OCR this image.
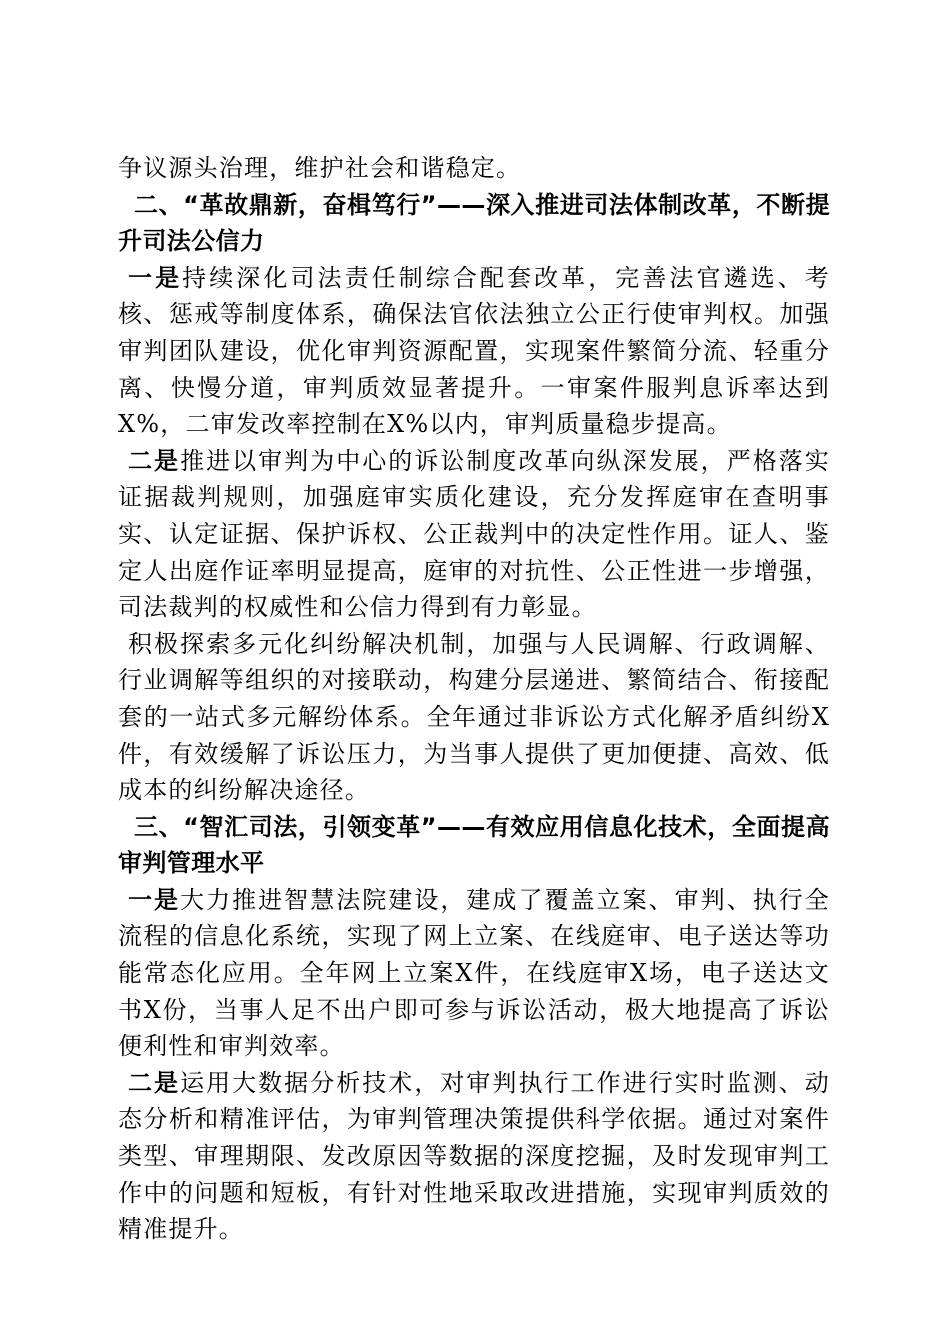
争议源头治理，维护社会和谐稳定。

二、“革故鼎新，奋楫笃行”——深入推进司法体制改革，不断提升司法公信力

一是持续深化司法责任制综合配套改革，完善法官遴选、考核、惩戒等制度体系，确保法官依法独立公正行使审判权。加强审判团队建设，优化审判资源配置，实现案件繁简分流、轻重分离、快慢分道，审判质效显著提升。一审案件服判息诉率达到X%，二审发改率控制在X%以内，审判质量稳步提高。

二是推进以审判为中心的诉讼制度改革向纵深发展，严格落实证据裁判规则，加强庭审实质化建设，充分发挥庭审在查明事实、认定证据、保护诉权、公正裁判中的决定性作用。证人、鉴定人出庭作证率明显提高，庭审的对抗性、公正性进一步增强，司法裁判的权威性和公信力得到有力彰显。

积极探索多元化纠纷解决机制，加强与人民调解、行政调解、行业调解等组织的对接联动，构建分层递进、繁简结合、衔接配套的一站式多元解纷体系。全年通过非诉讼方式化解矛盾纠纷X件，有效缓解了诉讼压力，为当事人提供了更加便捷、高效、低成本的纠纷解决途径。

三、“智汇司法，引领变革”——有效应用信息化技术，全面提高审判管理水平

一是大力推进智慧法院建设，建成了覆盖立案、审判、执行全流程的信息化系统，实现了网上立案、在线庭审、电子送达等功能常态化应用。全年网上立案X件，在线庭审X场，电子送达文书X份，当事人足不出户即可参与诉讼活动，极大地提高了诉讼便利性和审判效率。

二是运用大数据分析技术，对审判执行工作进行实时监测、动态分析和精准评估，为审判管理决策提供科学依据。通过对案件类型、审理期限、发改原因等数据的深度挖掘，及时发现审判工作中的问题和短板，有针对性地采取改进措施，实现审判质效的精准提升。
